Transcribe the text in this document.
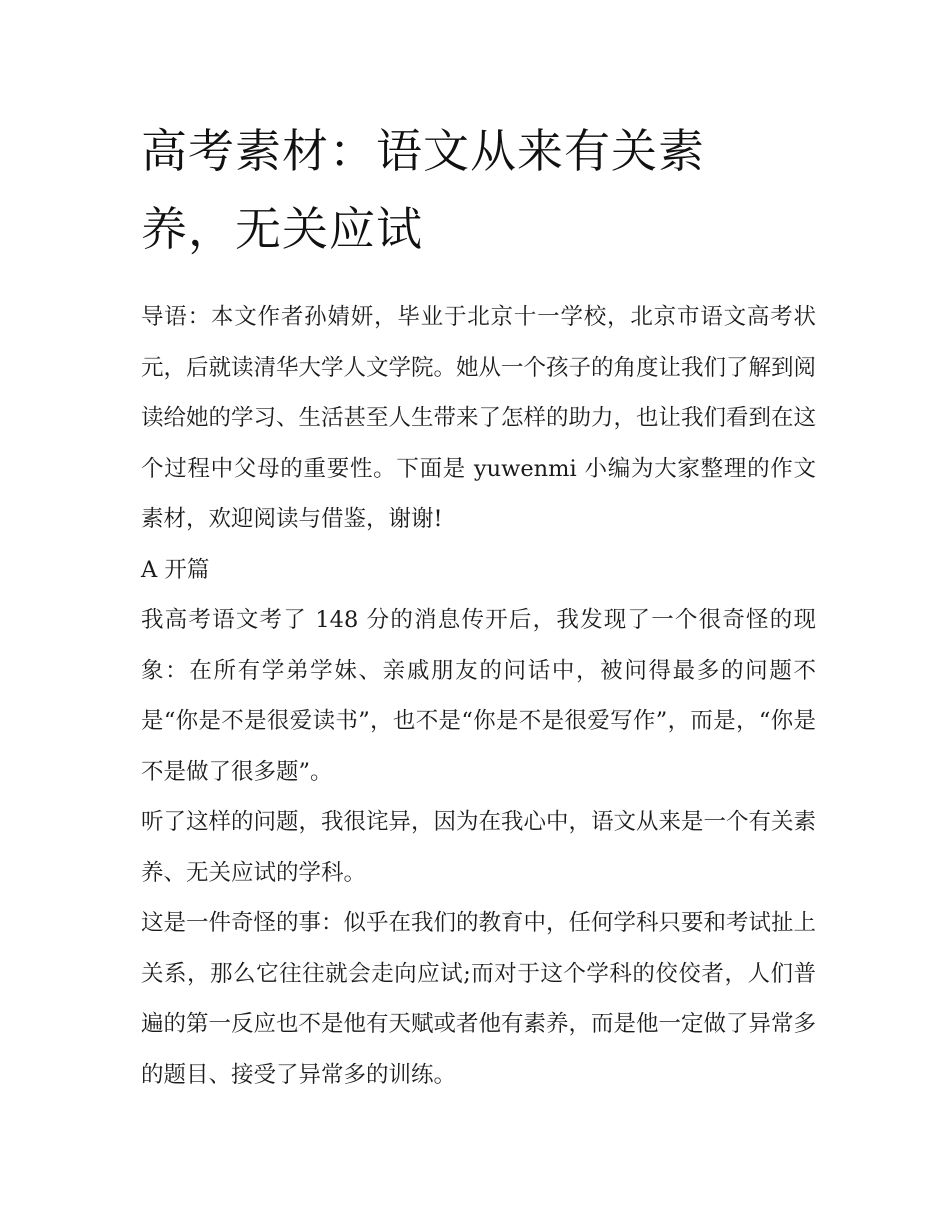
高考素材：语文从来有关素养，无关应试

导语：本文作者孙婧妍，毕业于北京十一学校，北京市语文高考状元，后就读清华大学人文学院。她从一个孩子的角度让我们了解到阅读给她的学习、生活甚至人生带来了怎样的助力，也让我们看到在这个过程中父母的重要性。下面是 yuwenmi 小编为大家整理的作文素材，欢迎阅读与借鉴，谢谢!

A 开篇

我高考语文考了 148 分的消息传开后，我发现了一个很奇怪的现象：在所有学弟学妹、亲戚朋友的问话中，被问得最多的问题不是“你是不是很爱读书”，也不是“你是不是很爱写作”，而是，“你是不是做了很多题”。

听了这样的问题，我很诧异，因为在我心中，语文从来是一个有关素养、无关应试的学科。

这是一件奇怪的事：似乎在我们的教育中，任何学科只要和考试扯上关系，那么它往往就会走向应试;而对于这个学科的佼佼者，人们普遍的第一反应也不是他有天赋或者他有素养，而是他一定做了异常多的题目、接受了异常多的训练。
